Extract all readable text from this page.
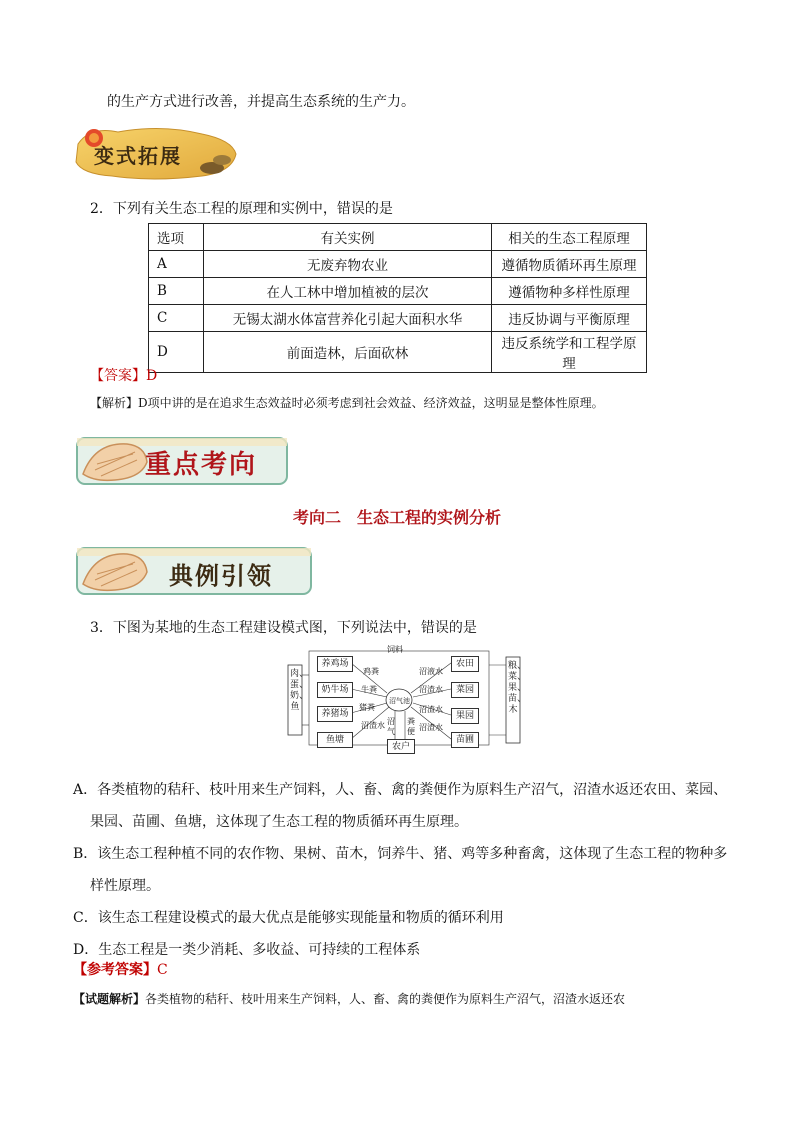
的生产方式进行改善，并提高生态系统的生产力。
变式拓展
2．下列有关生态工程的原理和实例中，错误的是
选项	有关实例	相关的生态工程原理
A	无废弃物农业	遵循物质循环再生原理
B	在人工林中增加植被的层次	遵循物种多样性原理
C	无锡太湖水体富营养化引起大面积水华	违反协调与平衡原理
D	前面造林，后面砍林	违反系统学和工程学原理
【答案】D
【解析】D项中讲的是在追求生态效益时必须考虑到社会效益、经济效益，这明显是整体性原理。
重点考向
考向二　生态工程的实例分析
典例引领
3．下图为某地的生态工程建设模式图，下列说法中，错误的是
肉、蛋、奶、鱼
粮、菜、果、苗、木
饲料
养鸡场
奶牛场
养猪场
鱼塘
沼气池
农田
菜园
果园
苗圃
农户
鸡粪
牛粪
猪粪
沼渣水
沼液水
沼渣水
沼渣水
沼渣水
沼气
粪便
A．各类植物的秸秆、枝叶用来生产饲料，人、畜、禽的粪便作为原料生产沼气，沼渣水返还农田、菜园、
果园、苗圃、鱼塘，这体现了生态工程的物质循环再生原理。
B．该生态工程种植不同的农作物、果树、苗木，饲养牛、猪、鸡等多种畜禽，这体现了生态工程的物种多
样性原理。
C．该生态工程建设模式的最大优点是能够实现能量和物质的循环利用
D．生态工程是一类少消耗、多收益、可持续的工程体系
【参考答案】C
【试题解析】各类植物的秸秆、枝叶用来生产饲料，人、畜、禽的粪便作为原料生产沼气，沼渣水返还农
